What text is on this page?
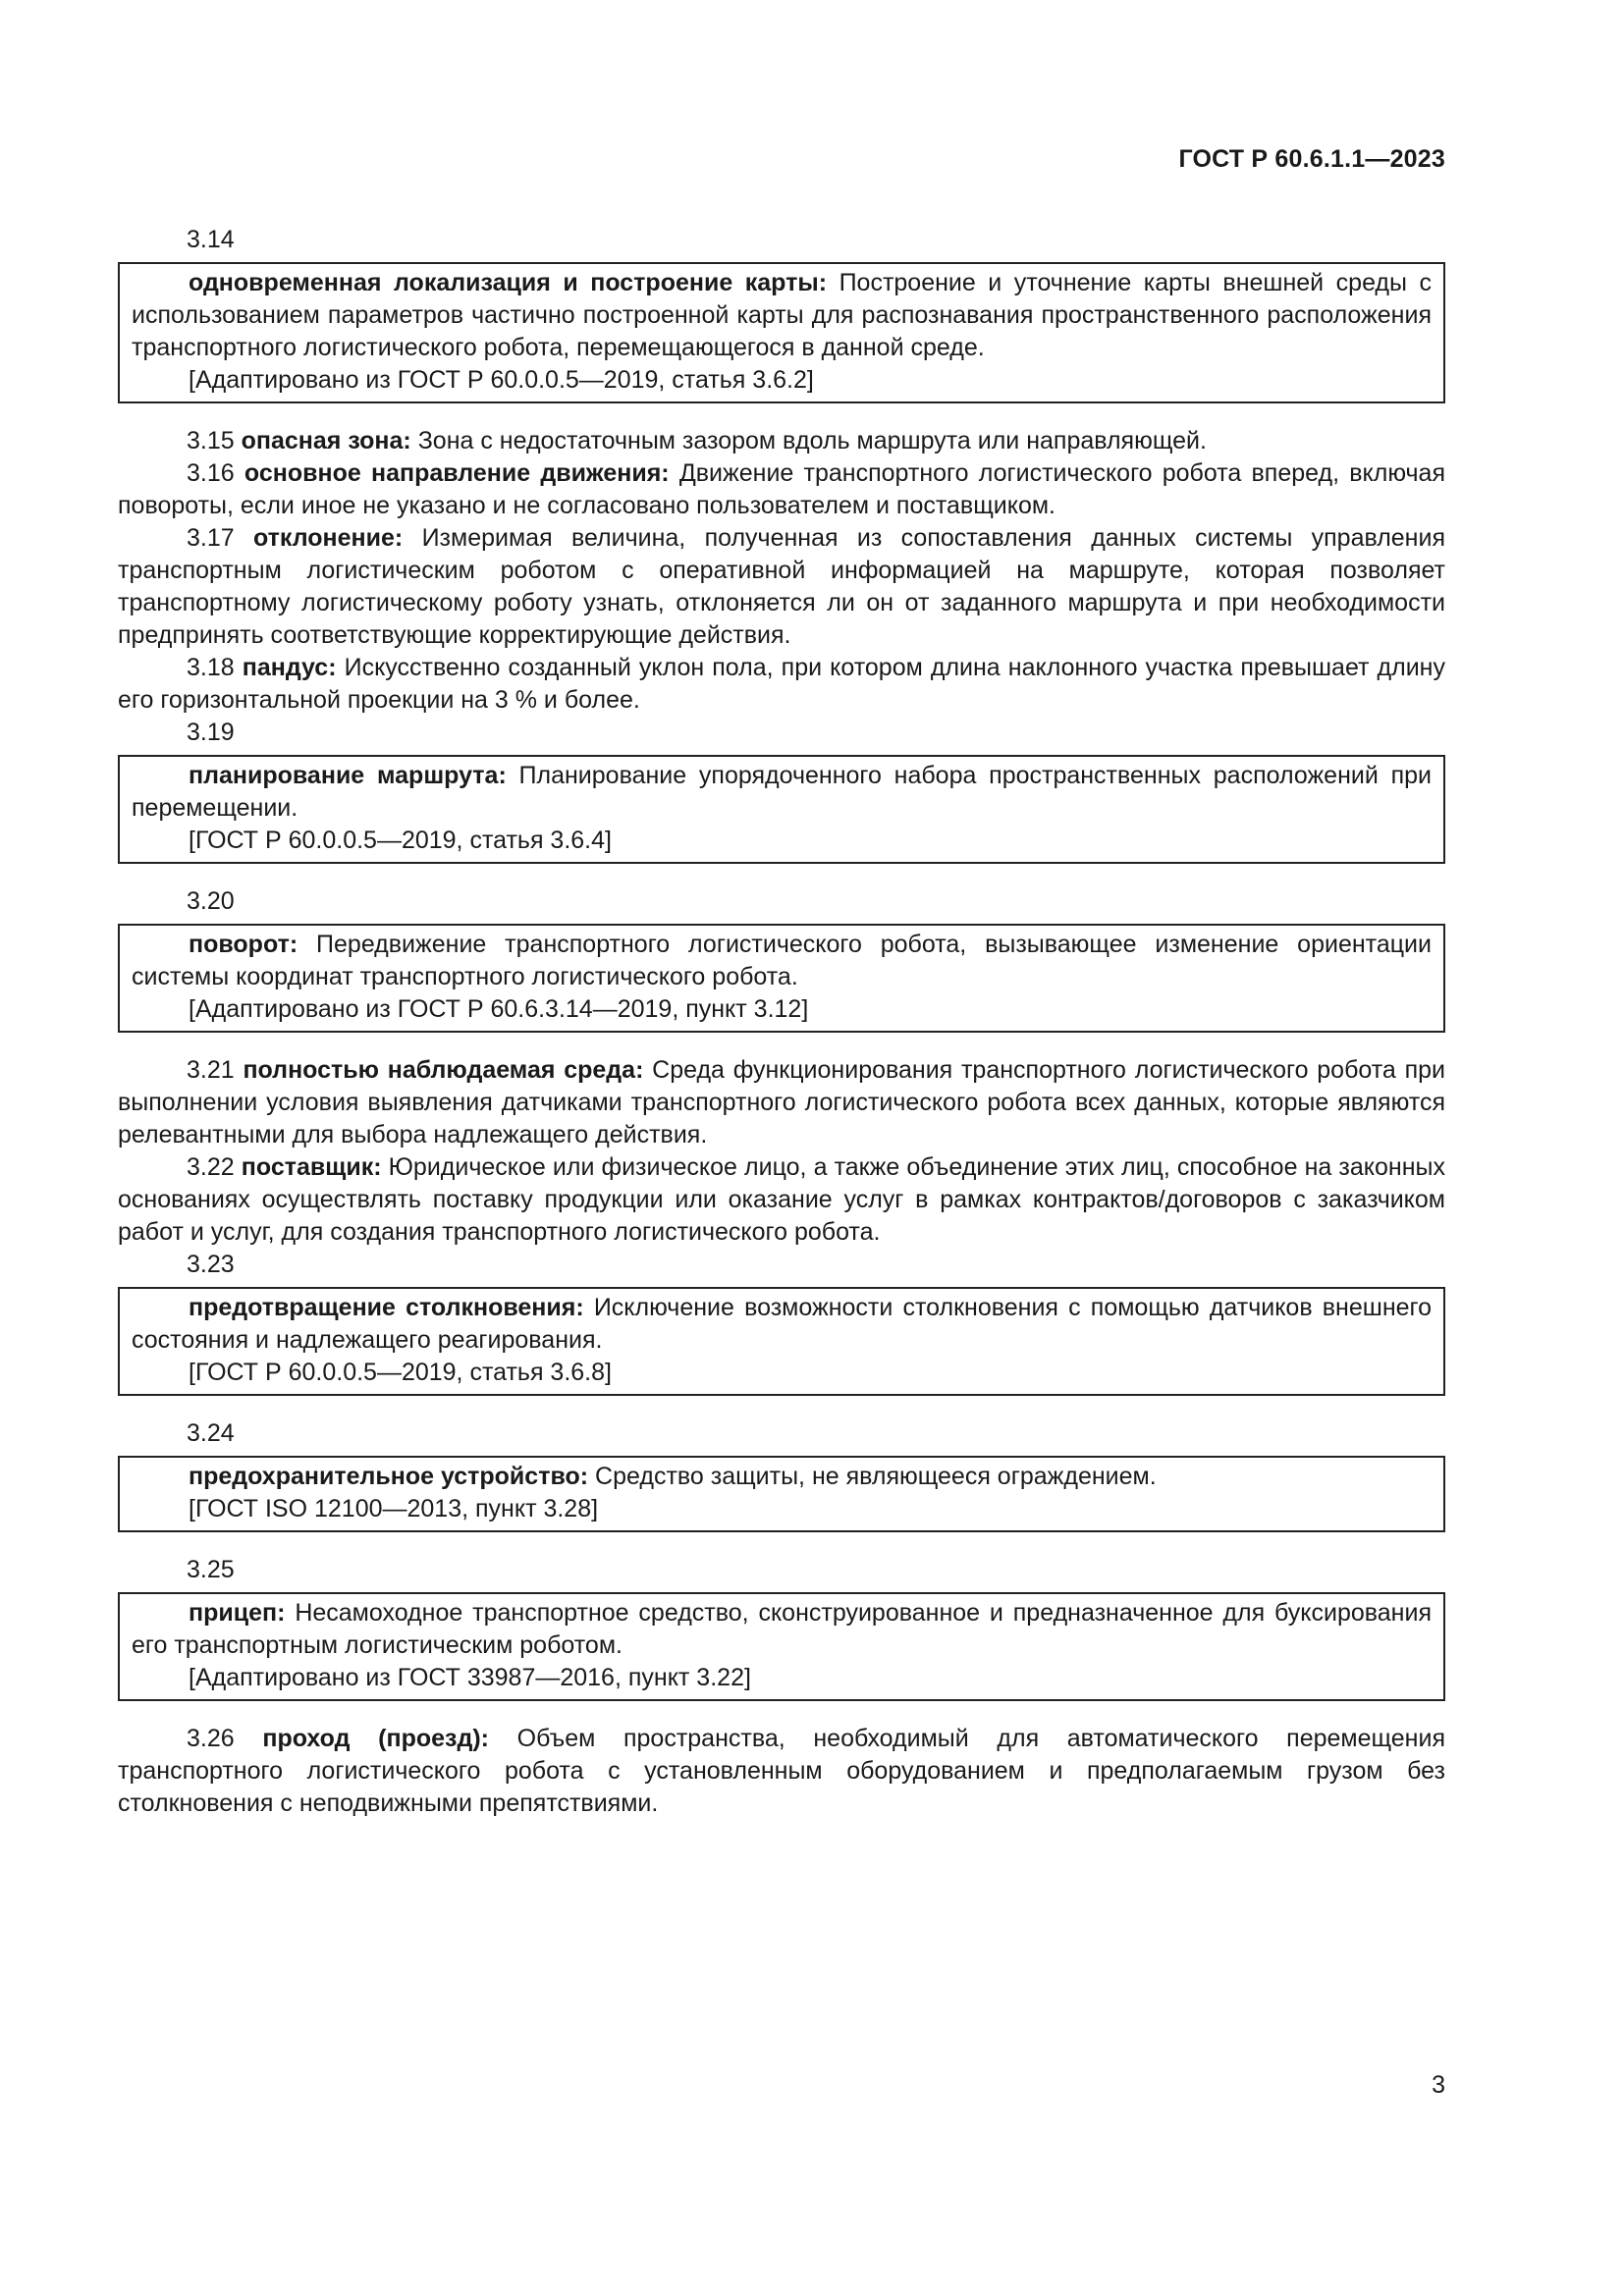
ГОСТ Р 60.6.1.1—2023

3.14

одновременная локализация и построение карты: Построение и уточнение карты внешней среды с использованием параметров частично построенной карты для распознавания пространственного расположения транспортного логистического робота, перемещающегося в данной среде.

[Адаптировано из ГОСТ Р 60.0.0.5—2019, статья 3.6.2]

3.15 опасная зона: Зона с недостаточным зазором вдоль маршрута или направляющей.

3.16 основное направление движения: Движение транспортного логистического робота вперед, включая повороты, если иное не указано и не согласовано пользователем и поставщиком.

3.17 отклонение: Измеримая величина, полученная из сопоставления данных системы управления транспортным логистическим роботом с оперативной информацией на маршруте, которая позволяет транспортному логистическому роботу узнать, отклоняется ли он от заданного маршрута и при необходимости предпринять соответствующие корректирующие действия.

3.18 пандус: Искусственно созданный уклон пола, при котором длина наклонного участка превышает длину его горизонтальной проекции на 3 % и более.

3.19

планирование маршрута: Планирование упорядоченного набора пространственных расположений при перемещении.

[ГОСТ Р 60.0.0.5—2019, статья 3.6.4]

3.20

поворот: Передвижение транспортного логистического робота, вызывающее изменение ориентации системы координат транспортного логистического робота.

[Адаптировано из ГОСТ Р 60.6.3.14—2019, пункт 3.12]

3.21 полностью наблюдаемая среда: Среда функционирования транспортного логистического робота при выполнении условия выявления датчиками транспортного логистического робота всех данных, которые являются релевантными для выбора надлежащего действия.

3.22 поставщик: Юридическое или физическое лицо, а также объединение этих лиц, способное на законных основаниях осуществлять поставку продукции или оказание услуг в рамках контрактов/договоров с заказчиком работ и услуг, для создания транспортного логистического робота.

3.23

предотвращение столкновения: Исключение возможности столкновения с помощью датчиков внешнего состояния и надлежащего реагирования.

[ГОСТ Р 60.0.0.5—2019, статья 3.6.8]

3.24

предохранительное устройство: Средство защиты, не являющееся ограждением.

[ГОСТ ISO 12100—2013, пункт 3.28]

3.25

прицеп: Несамоходное транспортное средство, сконструированное и предназначенное для буксирования его транспортным логистическим роботом.

[Адаптировано из ГОСТ 33987—2016, пункт 3.22]

3.26 проход (проезд): Объем пространства, необходимый для автоматического перемещения транспортного логистического робота с установленным оборудованием и предполагаемым грузом без столкновения с неподвижными препятствиями.

3
